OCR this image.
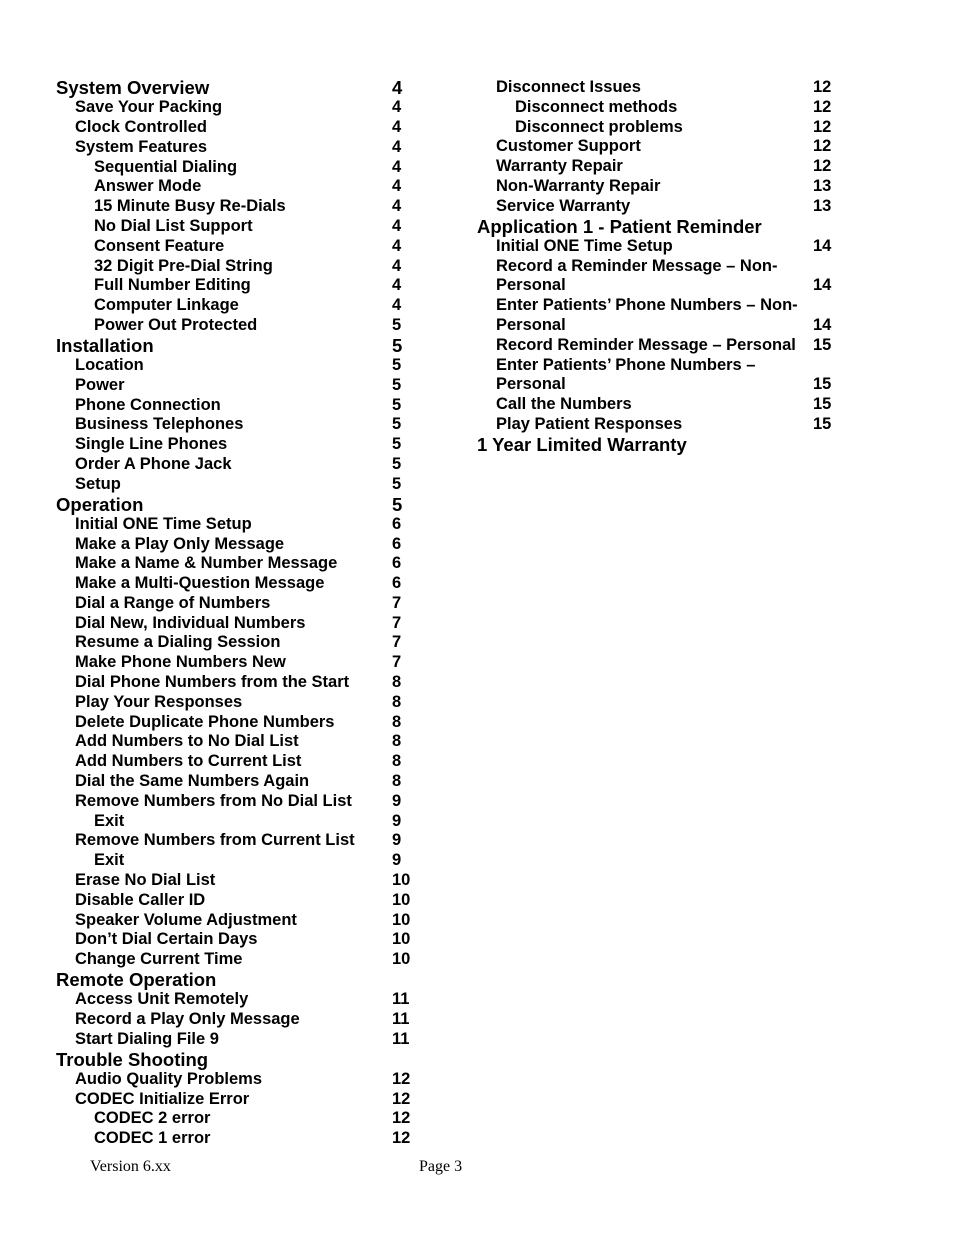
System Overview	4
Save Your Packing	4
Clock Controlled	4
System Features	4
Sequential Dialing	4
Answer Mode	4
15 Minute Busy Re-Dials	4
No Dial List Support	4
Consent Feature	4
32 Digit Pre-Dial String	4
Full Number Editing	4
Computer Linkage	4
Power Out Protected	5
Installation	5
Location	5
Power	5
Phone Connection	5
Business Telephones	5
Single Line Phones	5
Order A Phone Jack	5
Setup	5
Operation	5
Initial ONE Time Setup	6
Make a Play Only Message	6
Make a Name & Number Message	6
Make a Multi-Question Message	6
Dial a Range of Numbers	7
Dial New, Individual Numbers	7
Resume a Dialing Session	7
Make Phone Numbers New	7
Dial Phone Numbers from the Start	8
Play Your Responses	8
Delete Duplicate Phone Numbers	8
Add Numbers to No Dial List	8
Add Numbers to Current List	8
Dial the Same Numbers Again	8
Remove Numbers from No Dial List 9
Exit	9
Remove Numbers from Current List 9
Exit	9
Erase No Dial List	10
Disable Caller ID	10
Speaker Volume Adjustment	10
Don’t Dial Certain Days	10
Change Current Time	10
Remote Operation
Access Unit Remotely	11
Record a Play Only Message	11
Start Dialing File 9	11
Trouble Shooting
Audio Quality Problems	12
CODEC Initialize Error	12
CODEC 2 error	12
CODEC 1 error	12
Disconnect Issues	12
Disconnect methods	12
Disconnect problems	12
Customer Support	12
Warranty Repair	12
Non-Warranty Repair	13
Service Warranty	13
Application 1 - Patient Reminder
Initial ONE Time Setup	14
Record a Reminder Message – Non-
Personal	14
Enter Patients’ Phone Numbers – Non-
Personal	14
Record Reminder Message – Personal 15
Enter Patients’ Phone Numbers –
Personal	15
Call the Numbers	15
Play Patient Responses	15
1 Year Limited Warranty
Version 6.xx	Page 3
